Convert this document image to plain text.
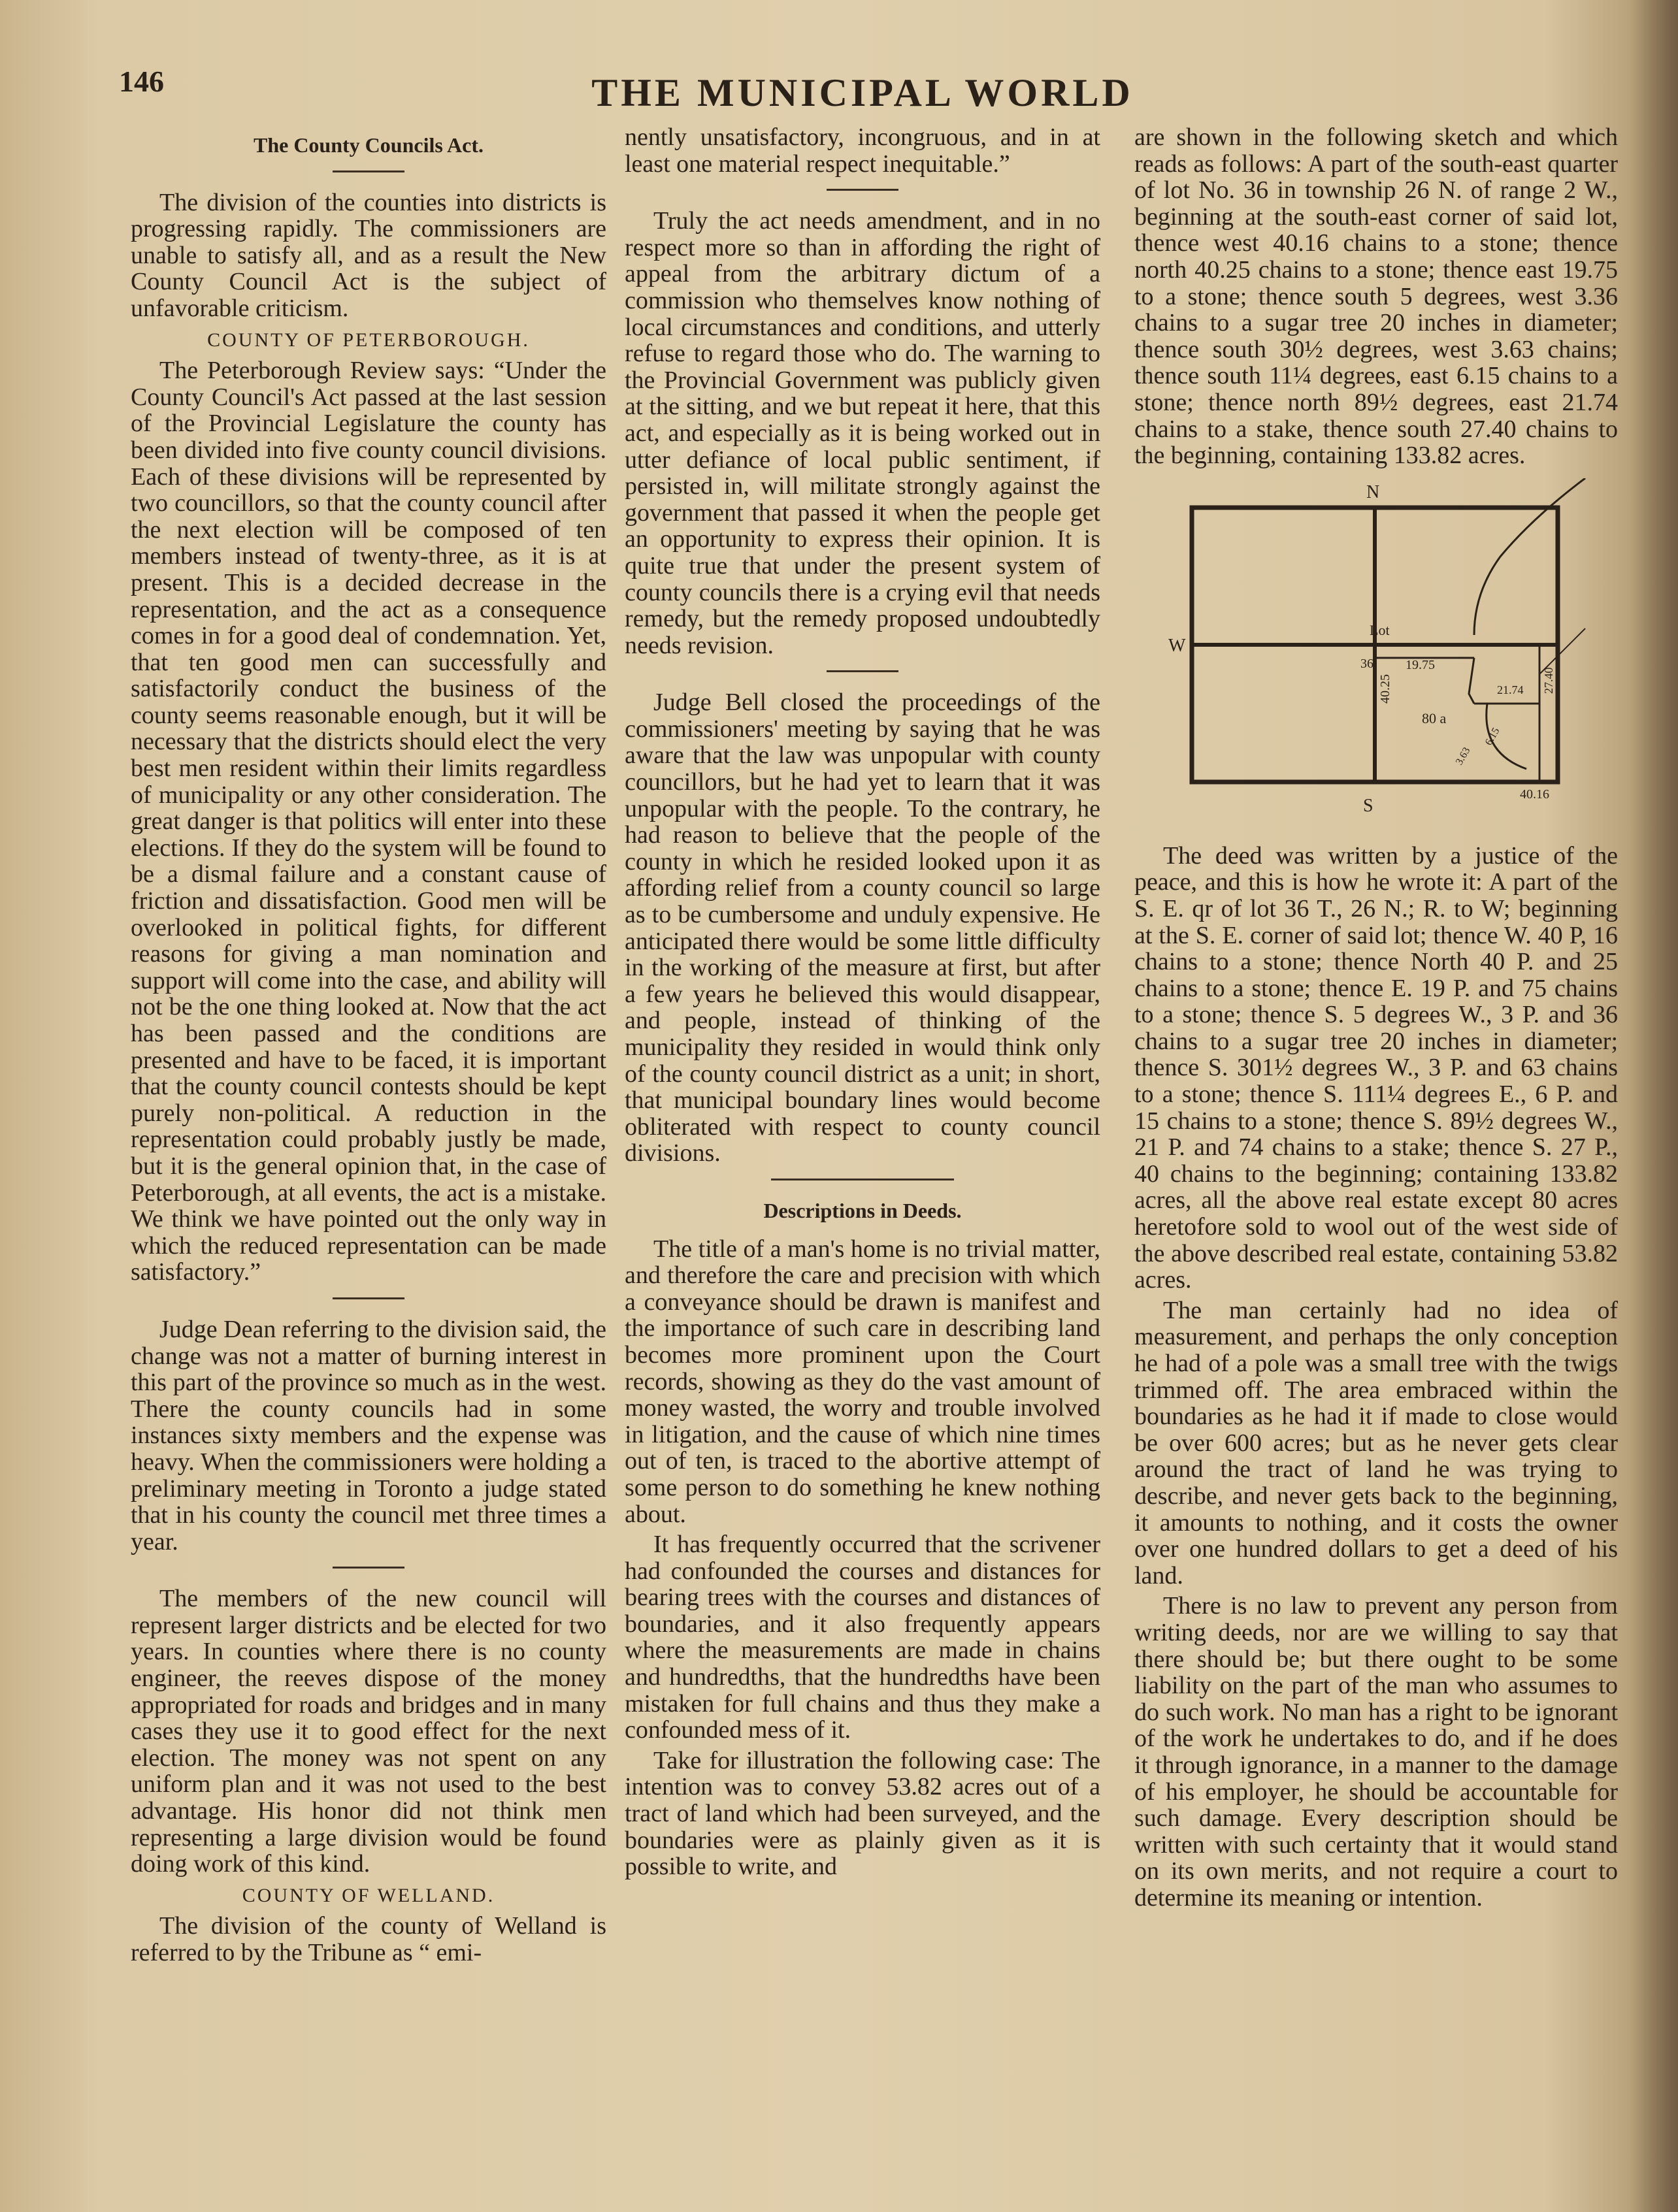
146	THE MUNICIPAL WORLD
The County Councils Act.

The division of the counties into districts is progressing rapidly. The commissioners are unable to satisfy all, and as a result the New County Council Act is the subject of unfavorable criticism.

COUNTY OF PETERBOROUGH.

The Peterborough Review says: “Under the County Council's Act passed at the last session of the Provincial Legislature the county has been divided into five county council divisions. Each of these divisions will be represented by two councillors, so that the county council after the next election will be composed of ten members instead of twenty-three, as it is at present. This is a decided decrease in the representation, and the act as a consequence comes in for a good deal of condemnation. Yet, that ten good men can successfully and satisfactorily conduct the business of the county seems reasonable enough, but it will be necessary that the districts should elect the very best men resident within their limits regardless of municipality or any other consideration. The great danger is that politics will enter into these elections. If they do the system will be found to be a dismal failure and a constant cause of friction and dissatisfaction. Good men will be overlooked in political fights, for different reasons for giving a man nomination and support will come into the case, and ability will not be the one thing looked at. Now that the act has been passed and the conditions are presented and have to be faced, it is important that the county council contests should be kept purely non-political. A reduction in the representation could probably justly be made, but it is the general opinion that, in the case of Peterborough, at all events, the act is a mistake. We think we have pointed out the only way in which the reduced representation can be made satisfactory.”

Judge Dean referring to the division said, the change was not a matter of burning interest in this part of the province so much as in the west. There the county councils had in some instances sixty members and the expense was heavy. When the commissioners were holding a preliminary meeting in Toronto a judge stated that in his county the council met three times a year.

The members of the new council will represent larger districts and be elected for two years. In counties where there is no county engineer, the reeves dispose of the money appropriated for roads and bridges and in many cases they use it to good effect for the next election. The money was not spent on any uniform plan and it was not used to the best advantage. His honor did not think men representing a large division would be found doing work of this kind.

COUNTY OF WELLAND.

The division of the county of Welland is referred to by the Tribune as “ emi-

nently unsatisfactory, incongruous, and in at least one material respect inequitable.”

Truly the act needs amendment, and in no respect more so than in affording the right of appeal from the arbitrary dictum of a commission who themselves know nothing of local circumstances and conditions, and utterly refuse to regard those who do. The warning to the Provincial Government was publicly given at the sitting, and we but repeat it here, that this act, and especially as it is being worked out in utter defiance of local public sentiment, if persisted in, will militate strongly against the government that passed it when the people get an opportunity to express their opinion. It is quite true that under the present system of county councils there is a crying evil that needs remedy, but the remedy proposed undoubtedly needs revision.

Judge Bell closed the proceedings of the commissioners' meeting by saying that he was aware that the law was unpopular with county councillors, but he had yet to learn that it was unpopular with the people. To the contrary, he had reason to believe that the people of the county in which he resided looked upon it as affording relief from a county council so large as to be cumbersome and unduly expensive. He anticipated there would be some little difficulty in the working of the measure at first, but after a few years he believed this would disappear, and people, instead of thinking of the municipality they resided in would think only of the county council district as a unit; in short, that municipal boundary lines would become obliterated with respect to county council divisions.

Descriptions in Deeds.

The title of a man's home is no trivial matter, and therefore the care and precision with which a conveyance should be drawn is manifest and the importance of such care in describing land becomes more prominent upon the Court records, showing as they do the vast amount of money wasted, the worry and trouble involved in litigation, and the cause of which nine times out of ten, is traced to the abortive attempt of some person to do something he knew nothing about.

It has frequently occurred that the scrivener had confounded the courses and distances for bearing trees with the courses and distances of boundaries, and it also frequently appears where the measurements are made in chains and hundredths, that the hundredths have been mistaken for full chains and thus they make a confounded mess of it.

Take for illustration the following case: The intention was to convey 53.82 acres out of a tract of land which had been surveyed, and the boundaries were as plainly given as it is possible to write, and

are shown in the following sketch and which reads as follows: A part of the south-east quarter of lot No. 36 in township 26 N. of range 2 W., beginning at the south-east corner of said lot, thence west 40.16 chains to a stone; thence north 40.25 chains to a stone; thence east 19.75 to a stone; thence south 5 degrees, west 3.36 chains to a sugar tree 20 inches in diameter; thence south 30½ degrees, west 3.63 chains; thence south 11¼ degrees, east 6.15 chains to a stone; thence north 89½ degrees, east 21.74 chains to a stake, thence south 27.40 chains to the beginning, containing 133.82 acres.

N
W
S
Lot
36 19.75
21.74
40.25
80 a
40.16
27.40
6.15
3.63

The deed was written by a justice of the peace, and this is how he wrote it: A part of the S. E. qr of lot 36 T., 26 N.; R. to W; beginning at the S. E. corner of said lot; thence W. 40 P, 16 chains to a stone; thence North 40 P. and 25 chains to a stone; thence E. 19 P. and 75 chains to a stone; thence S. 5 degrees W., 3 P. and 36 chains to a sugar tree 20 inches in diameter; thence S. 301½ degrees W., 3 P. and 63 chains to a stone; thence S. 111¼ degrees E., 6 P. and 15 chains to a stone; thence S. 89½ degrees W., 21 P. and 74 chains to a stake; thence S. 27 P., 40 chains to the beginning; containing 133.82 acres, all the above real estate except 80 acres heretofore sold to wool out of the west side of the above described real estate, containing 53.82 acres.

The man certainly had no idea of measurement, and perhaps the only conception he had of a pole was a small tree with the twigs trimmed off. The area embraced within the boundaries as he had it if made to close would be over 600 acres; but as he never gets clear around the tract of land he was trying to describe, and never gets back to the beginning, it amounts to nothing, and it costs the owner over one hundred dollars to get a deed of his land.

There is no law to prevent any person from writing deeds, nor are we willing to say that there should be; but there ought to be some liability on the part of the man who assumes to do such work. No man has a right to be ignorant of the work he undertakes to do, and if he does it through ignorance, in a manner to the damage of his employer, he should be accountable for such damage. Every description should be written with such certainty that it would stand on its own merits, and not require a court to determine its meaning or intention.
